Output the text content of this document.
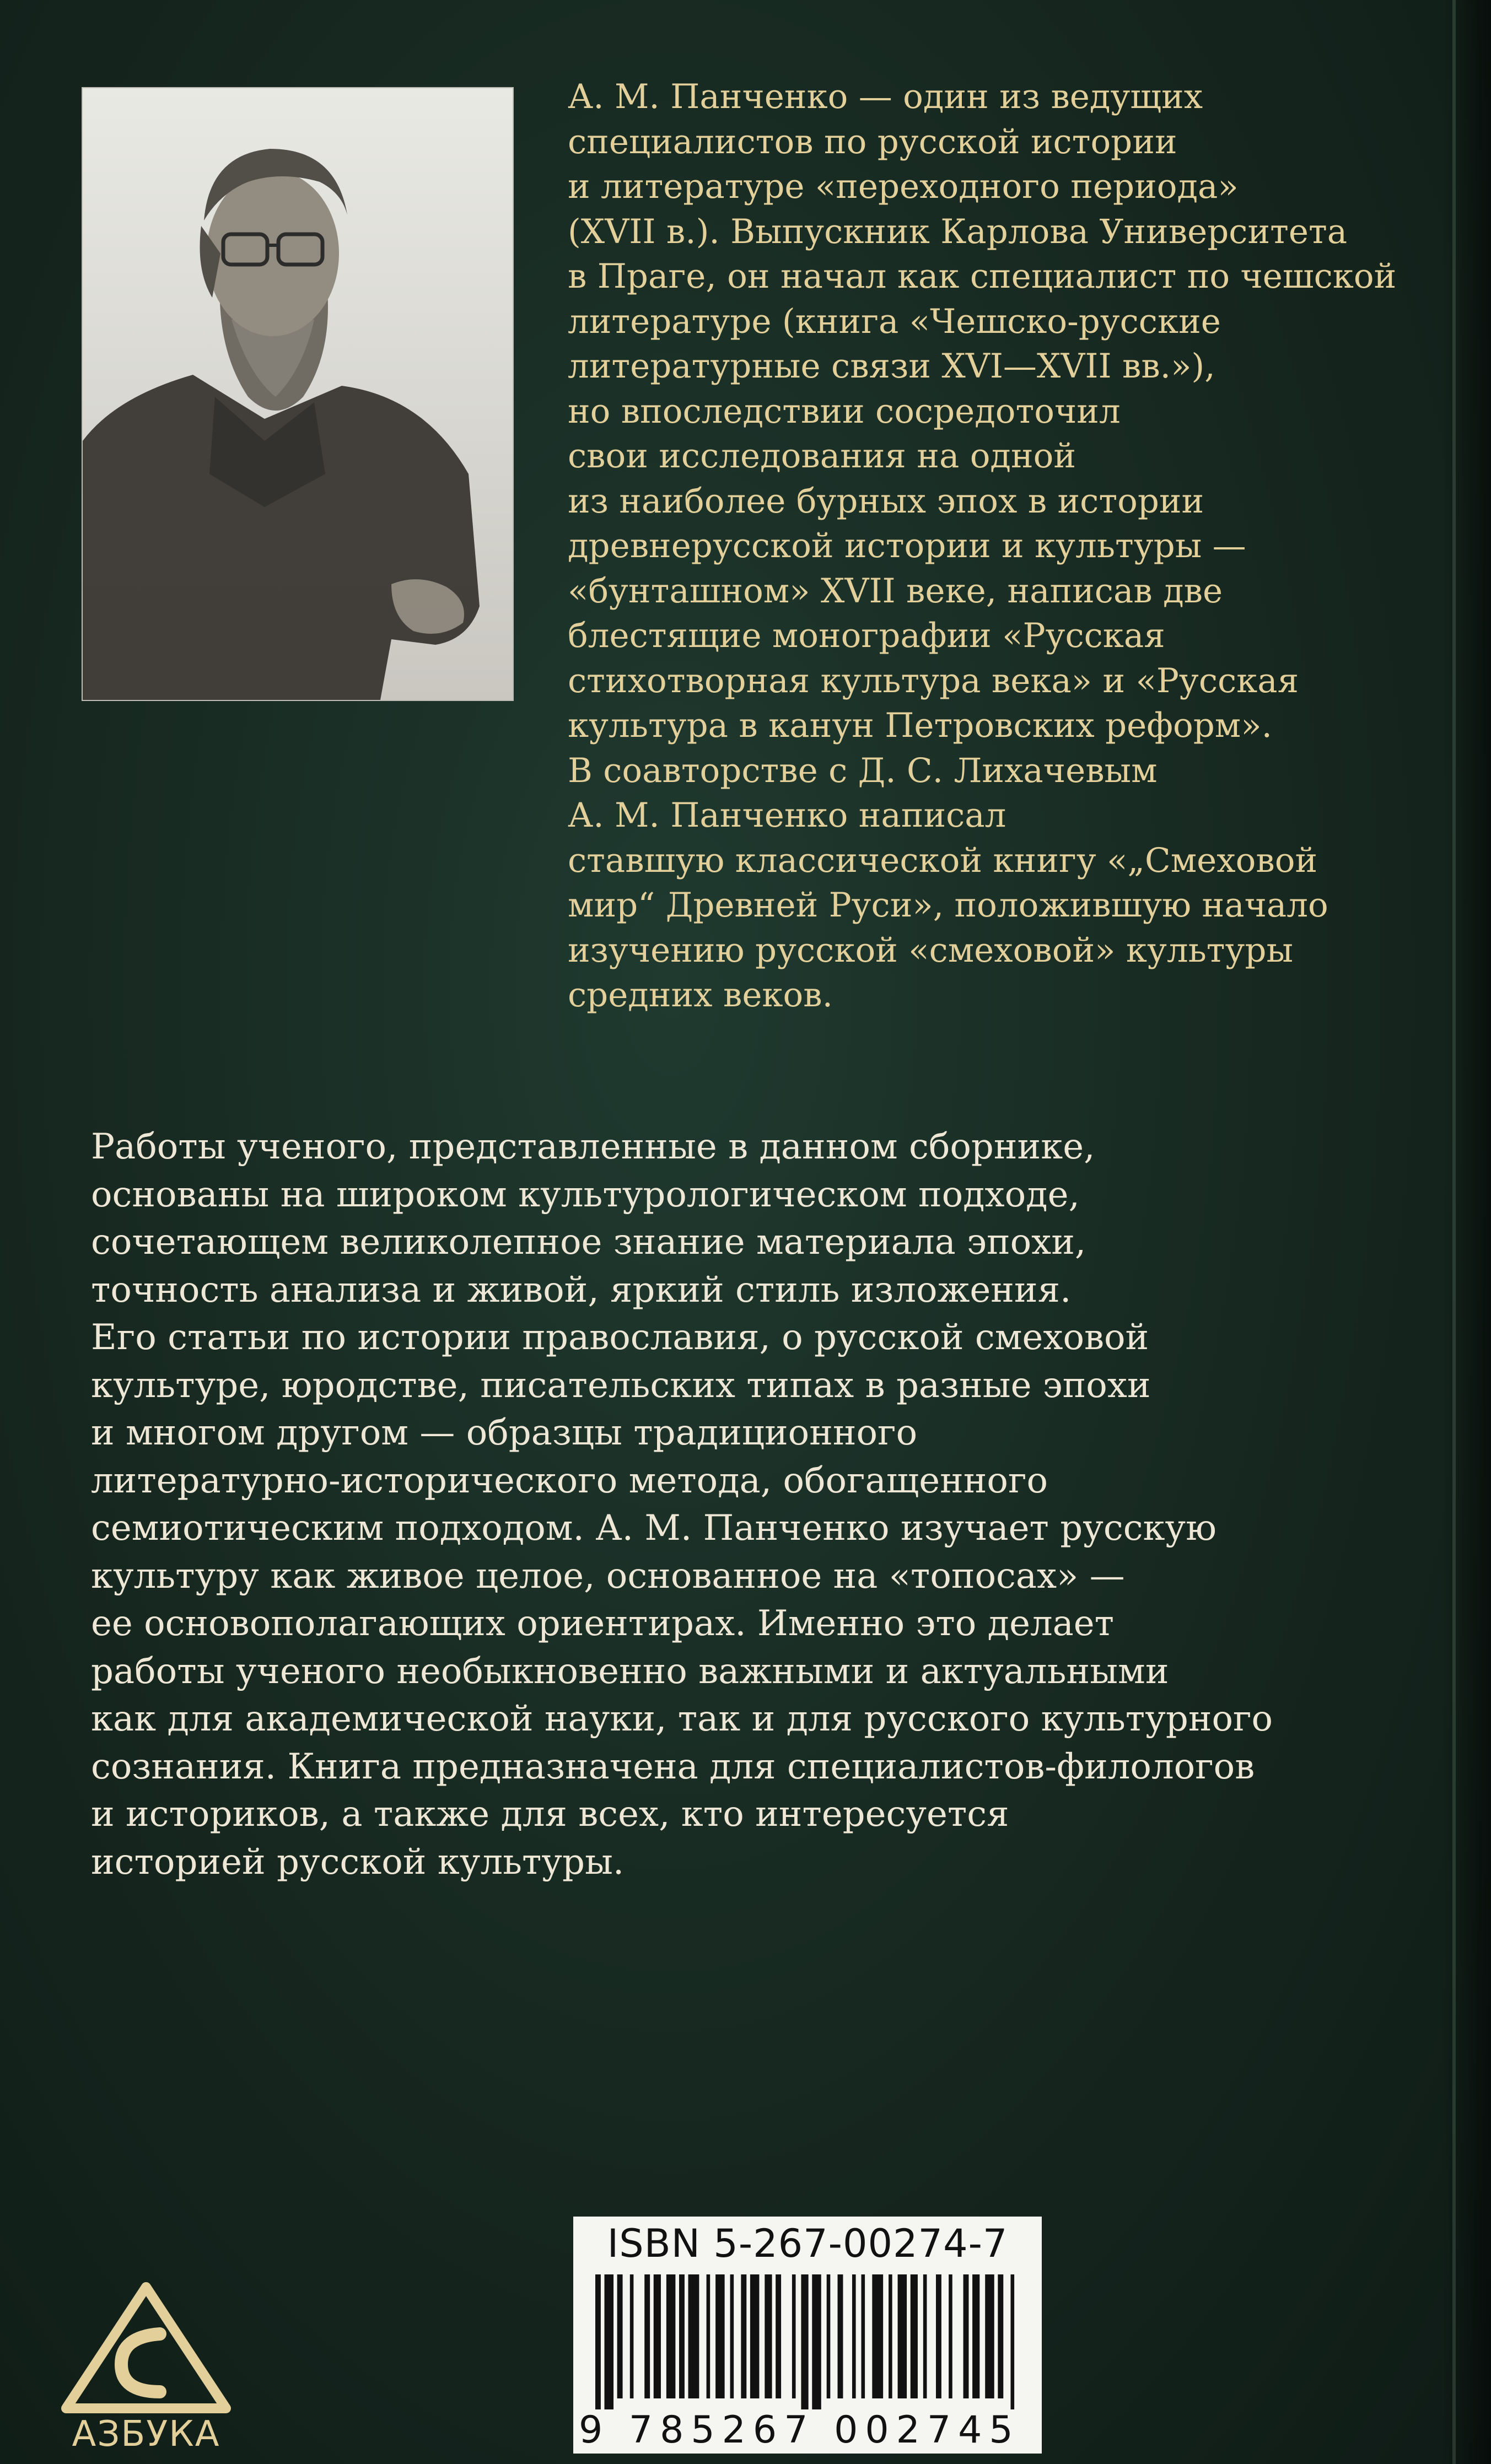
А. М. Панченко — один из ведущих
специалистов по русской истории
и литературе «переходного периода»
(XVII в.). Выпускник Карлова Университета
в Праге, он начал как специалист по чешской
литературе (книга «Чешско-русские
литературные связи XVI—XVII вв.»),
но впоследствии сосредоточил
свои исследования на одной
из наиболее бурных эпох в истории
древнерусской истории и культуры —
«бунташном» XVII веке, написав две
блестящие монографии «Русская
стихотворная культура века» и «Русская
культура в канун Петровских реформ».
В соавторстве с Д. С. Лихачевым
А. М. Панченко написал
ставшую классической книгу «„Смеховой
мир“ Древней Руси», положившую начало
изучению русской «смеховой» культуры
средних веков.
Работы ученого, представленные в данном сборнике,
основаны на широком культурологическом подходе,
сочетающем великолепное знание материала эпохи,
точность анализа и живой, яркий стиль изложения.
Его статьи по истории православия, о русской смеховой
культуре, юродстве, писательских типах в разные эпохи
и многом другом — образцы традиционного
литературно-исторического метода, обогащенного
семиотическим подходом. А. М. Панченко изучает русскую
культуру как живое целое, основанное на «топосах» —
ее основополагающих ориентирах. Именно это делает
работы ученого необыкновенно важными и актуальными
как для академической науки, так и для русского культурного
сознания. Книга предназначена для специалистов-филологов
и историков, а также для всех, кто интересуется
историей русской культуры.
АЗБУКА
ISBN 5-267-00274-7
9 785267 002745
